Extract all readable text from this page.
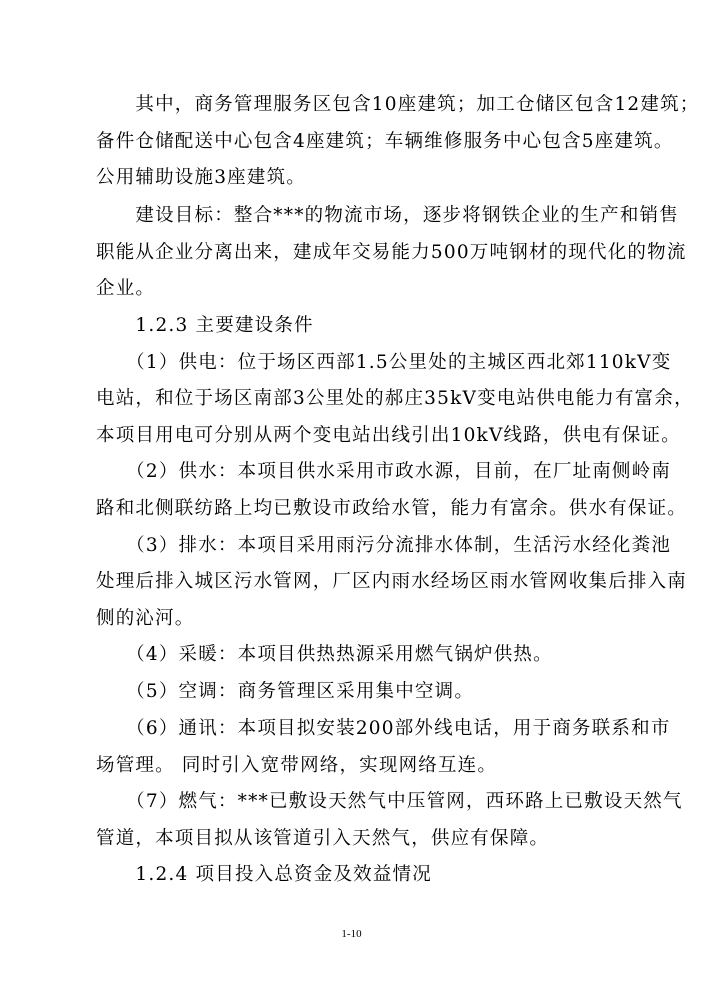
　　其中，商务管理服务区包含10座建筑；加工仓储区包含12建筑；
备件仓储配送中心包含4座建筑；车辆维修服务中心包含5座建筑。
公用辅助设施3座建筑。
　　建设目标：整合***的物流市场，逐步将钢铁企业的生产和销售
职能从企业分离出来，建成年交易能力500万吨钢材的现代化的物流
企业。
　　1.2.3 主要建设条件
　　（1）供电：位于场区西部1.5公里处的主城区西北郊110kV变
电站，和位于场区南部3公里处的郝庄35kV变电站供电能力有富余，
本项目用电可分别从两个变电站出线引出10kV线路，供电有保证。
　　（2）供水：本项目供水采用市政水源，目前，在厂址南侧岭南
路和北侧联纺路上均已敷设市政给水管，能力有富余。供水有保证。
　　（3）排水：本项目采用雨污分流排水体制，生活污水经化粪池
处理后排入城区污水管网，厂区内雨水经场区雨水管网收集后排入南
侧的沁河。
　　（4）采暖：本项目供热热源采用燃气锅炉供热。
　　（5）空调：商务管理区采用集中空调。
　　（6）通讯：本项目拟安装200部外线电话，用于商务联系和市
场管理。 同时引入宽带网络，实现网络互连。
　　（7）燃气：***已敷设天然气中压管网，西环路上已敷设天然气
管道，本项目拟从该管道引入天然气，供应有保障。
　　1.2.4 项目投入总资金及效益情况
1-10
